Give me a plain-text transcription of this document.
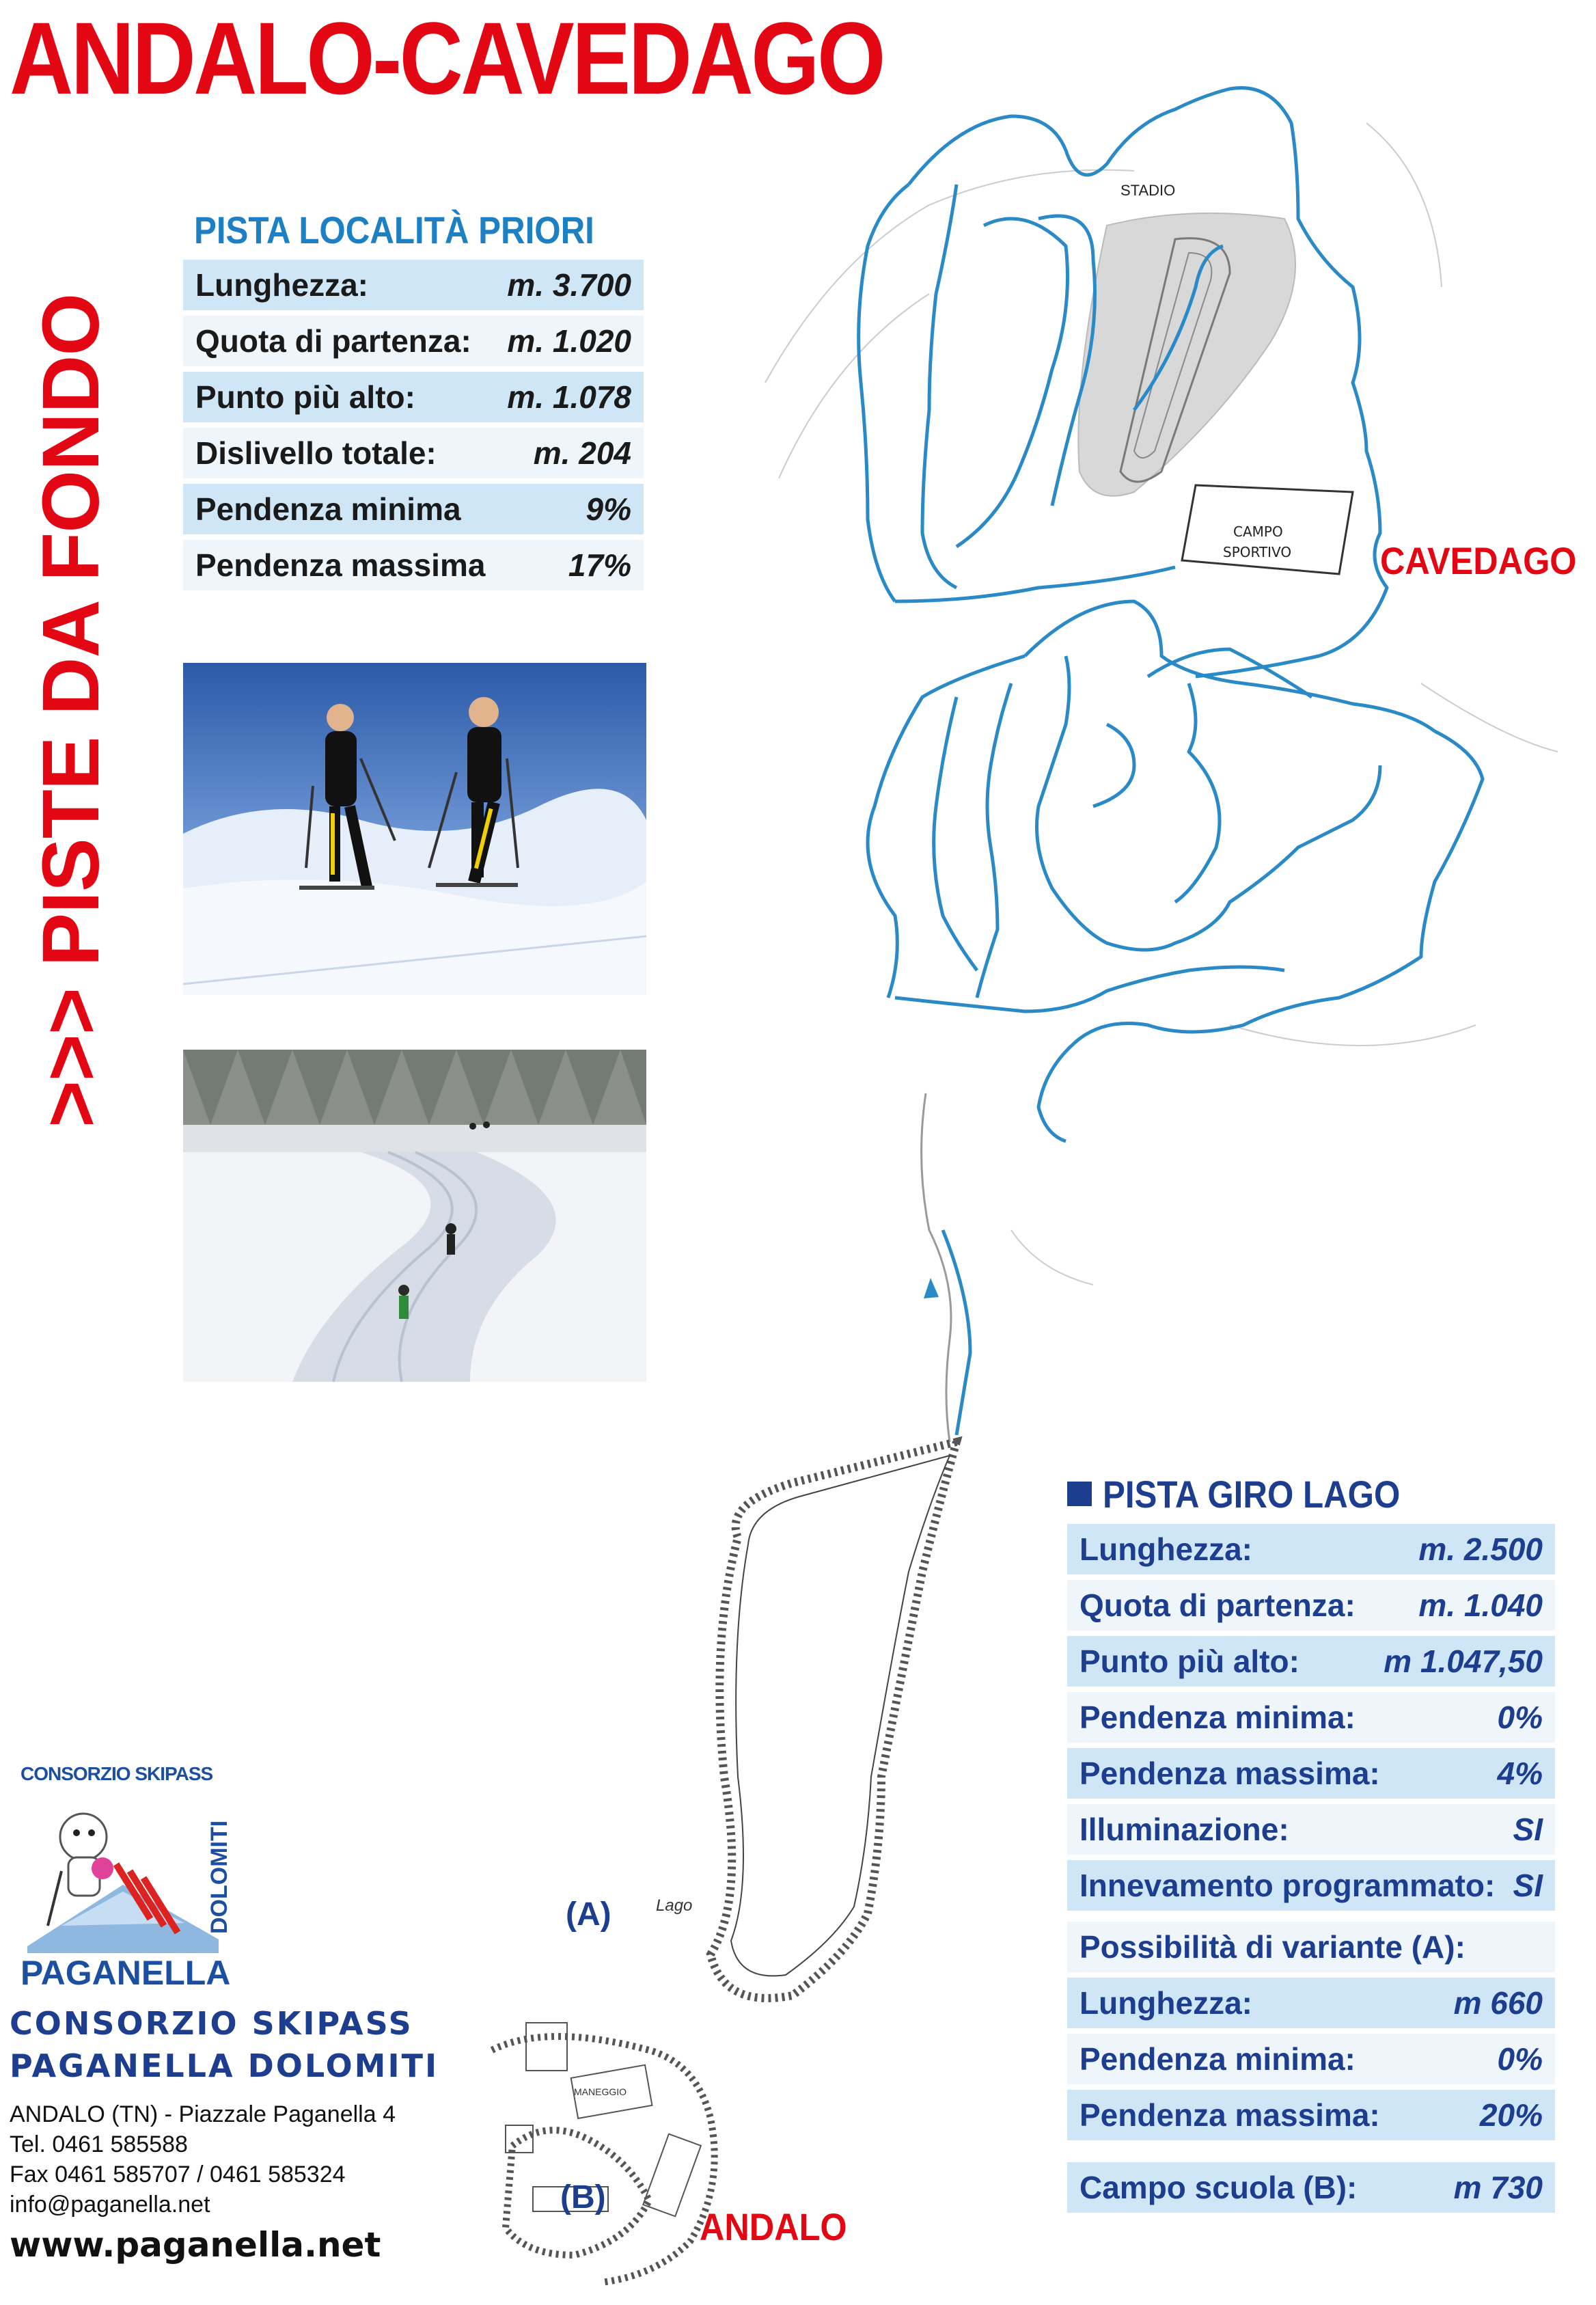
ANDALO-CAVEDAGO
>>> PISTE DA FONDO
PISTA LOCALITÀ PRIORI
Lunghezza:	m. 3.700
Quota di partenza: m. 1.020
Punto più alto:	m. 1.078
Dislivello totale:	m. 204
Pendenza minima	9%
Pendenza massima	17%
STADIO
CAMPO
SPORTIVO
Lago
MANEGGIO
CAVEDAGO
ANDALO
(A)
(B)
PISTA GIRO LAGO
Lunghezza:	m. 2.500
Quota di partenza: m. 1.040
Punto più alto:	m 1.047,50
Pendenza minima:	0%
Pendenza massima:	4%
Illuminazione:	SI
Innevamento programmato: SI
Possibilità di variante (A):
Lunghezza:	m 660
Pendenza minima:	0%
Pendenza massima:	20%
Campo scuola (B):	m 730
CONSORZIO SKIPASS
DOLOMITI
PAGANELLA
CONSORZIO SKIPASS
PAGANELLA DOLOMITI
ANDALO (TN) - Piazzale Paganella 4
Tel. 0461 585588
Fax 0461 585707 / 0461 585324
info@paganella.net
www.paganella.net
